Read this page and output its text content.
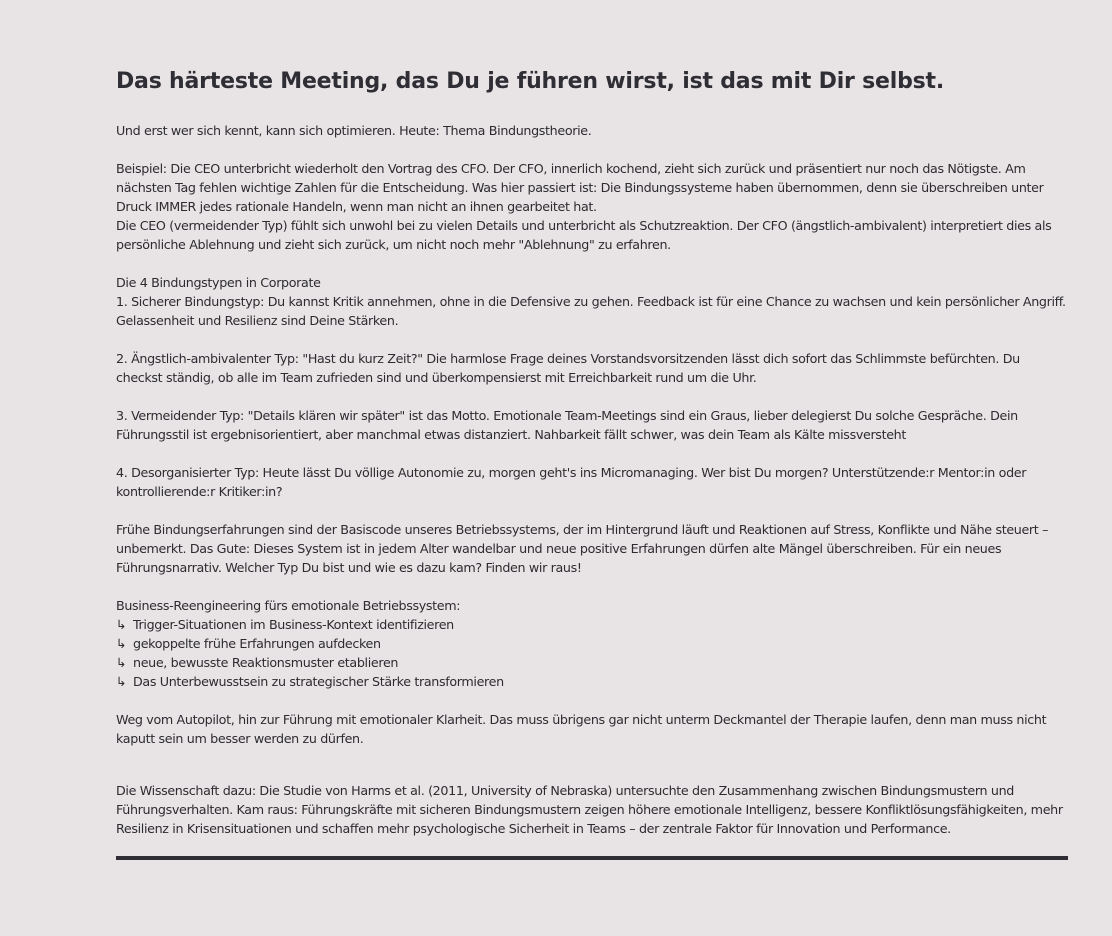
Das härteste Meeting, das Du je führen wirst, ist das mit Dir selbst.

Und erst wer sich kennt, kann sich optimieren. Heute: Thema Bindungstheorie.

Beispiel: Die CEO unterbricht wiederholt den Vortrag des CFO. Der CFO, innerlich kochend, zieht sich zurück und präsentiert nur noch das Nötigste. Am nächsten Tag fehlen wichtige Zahlen für die Entscheidung. Was hier passiert ist: Die Bindungssysteme haben übernommen, denn sie überschreiben unter Druck IMMER jedes rationale Handeln, wenn man nicht an ihnen gearbeitet hat.
Die CEO (vermeidender Typ) fühlt sich unwohl bei zu vielen Details und unterbricht als Schutzreaktion. Der CFO (ängstlich-ambivalent) interpretiert dies als persönliche Ablehnung und zieht sich zurück, um nicht noch mehr "Ablehnung" zu erfahren.

Die 4 Bindungstypen in Corporate
1. Sicherer Bindungstyp: Du kannst Kritik annehmen, ohne in die Defensive zu gehen. Feedback ist für eine Chance zu wachsen und kein persönlicher Angriff. Gelassenheit und Resilienz sind Deine Stärken.

2. Ängstlich-ambivalenter Typ: "Hast du kurz Zeit?" Die harmlose Frage deines Vorstandsvorsitzenden lässt dich sofort das Schlimmste befürchten. Du checkst ständig, ob alle im Team zufrieden sind und überkompensierst mit Erreichbarkeit rund um die Uhr.

3. Vermeidender Typ: "Details klären wir später" ist das Motto. Emotionale Team-Meetings sind ein Graus, lieber delegierst Du solche Gespräche. Dein Führungsstil ist ergebnisorientiert, aber manchmal etwas distanziert. Nahbarkeit fällt schwer, was dein Team als Kälte missversteht

4. Desorganisierter Typ: Heute lässt Du völlige Autonomie zu, morgen geht's ins Micromanaging. Wer bist Du morgen? Unterstützende:r Mentor:in oder kontrollierende:r Kritiker:in?

Frühe Bindungserfahrungen sind der Basiscode unseres Betriebssystems, der im Hintergrund läuft und Reaktionen auf Stress, Konflikte und Nähe steuert – unbemerkt. Das Gute: Dieses System ist in jedem Alter wandelbar und neue positive Erfahrungen dürfen alte Mängel überschreiben. Für ein neues Führungsnarrativ. Welcher Typ Du bist und wie es dazu kam? Finden wir raus!

Business-Reengineering fürs emotionale Betriebssystem:
↳ Trigger-Situationen im Business-Kontext identifizieren
↳ gekoppelte frühe Erfahrungen aufdecken
↳ neue, bewusste Reaktionsmuster etablieren
↳ Das Unterbewusstsein zu strategischer Stärke transformieren

Weg vom Autopilot, hin zur Führung mit emotionaler Klarheit. Das muss übrigens gar nicht unterm Deckmantel der Therapie laufen, denn man muss nicht kaputt sein um besser werden zu dürfen.

Die Wissenschaft dazu: Die Studie von Harms et al. (2011, University of Nebraska) untersuchte den Zusammenhang zwischen Bindungsmustern und Führungsverhalten. Kam raus: Führungskräfte mit sicheren Bindungsmustern zeigen höhere emotionale Intelligenz, bessere Konfliktlösungsfähigkeiten, mehr Resilienz in Krisensituationen und schaffen mehr psychologische Sicherheit in Teams – der zentrale Faktor für Innovation und Performance.
